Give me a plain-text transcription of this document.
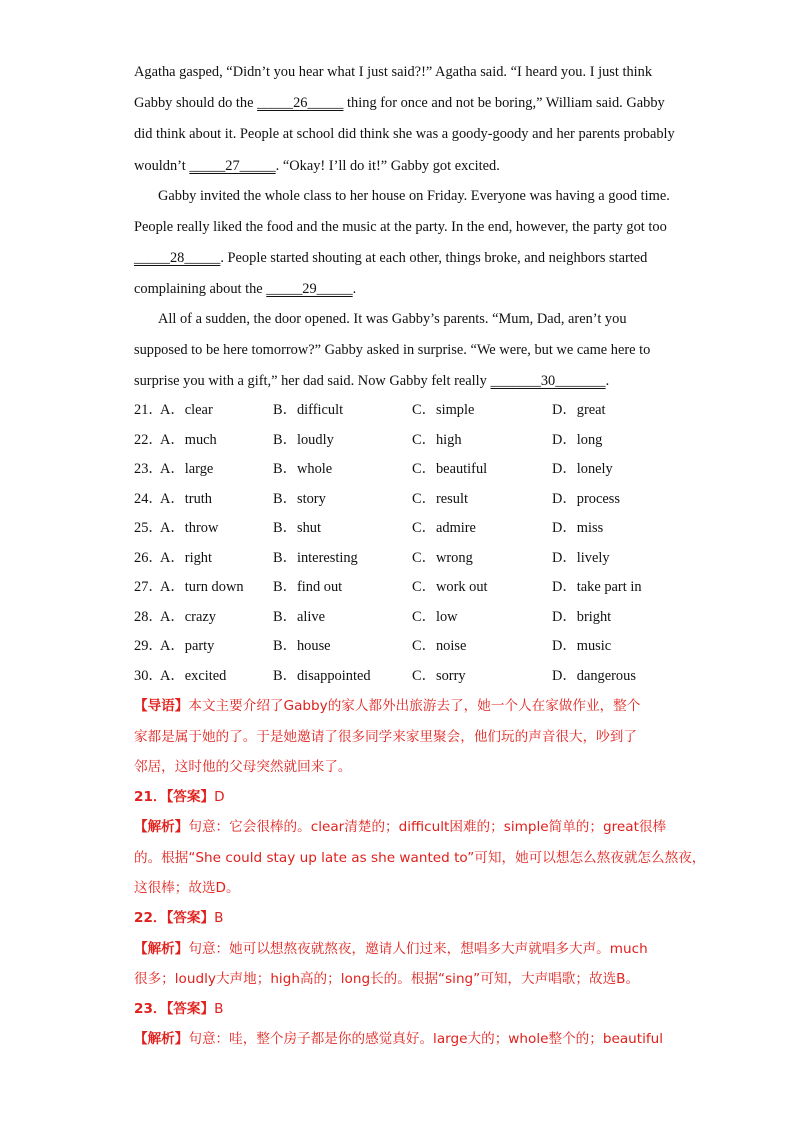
Agatha gasped, “Didn’t you hear what I just said?!” Agatha said. “I heard you. I just think
Gabby should do the _____26_____ thing for once and not be boring,” William said. Gabby
did think about it. People at school did think she was a goody-goody and her parents probably
wouldn’t _____27_____. “Okay! I’ll do it!” Gabby got excited.
Gabby invited the whole class to her house on Friday. Everyone was having a good time.
People really liked the food and the music at the party. In the end, however, the party got too
_____28_____. People started shouting at each other, things broke, and neighbors started
complaining about the _____29_____.
All of a sudden, the door opened. It was Gabby’s parents. “Mum, Dad, aren’t you
supposed to be here tomorrow?” Gabby asked in surprise. “We were, but we came here to
surprise you with a gift,” her dad said. Now Gabby felt really _______30_______.
21．
A．clear	B．difficult	C．simple	D．great
22．
A．much	B．loudly	C．high	D．long
23．
A．large	B．whole	C．beautiful	D．lonely
24．
A．truth	B．story	C．result	D．process
25．
A．throw	B．shut	C．admire	D．miss
26．
A．right	B．interesting	C．wrong	D．lively
27．
A．turn down B．find out	C．work out	D．take part in
28．
A．crazy	B．alive	C．low	D．bright
29．
A．party	B．house	C．noise	D．music
30．
A．excited	B．disappointed	C．sorry	D．dangerous
【导语】本文主要介绍了Gabby的家人都外出旅游去了，她一个人在家做作业，整个
家都是属于她的了。于是她邀请了很多同学来家里聚会，他们玩的声音很大，吵到了
邻居，这时他的父母突然就回来了。
21．【答案】D
【解析】句意：它会很棒的。clear清楚的；difficult困难的；simple简单的；great很棒
的。根据“She could stay up late as she wanted to”可知，她可以想怎么熬夜就怎么熬夜，
这很棒；故选D。
22．【答案】B
【解析】句意：她可以想熬夜就熬夜，邀请人们过来，想唱多大声就唱多大声。much
很多；loudly大声地；high高的；long长的。根据“sing”可知，大声唱歌；故选B。
23．【答案】B
【解析】句意：哇，整个房子都是你的感觉真好。large大的；whole整个的；beautiful
